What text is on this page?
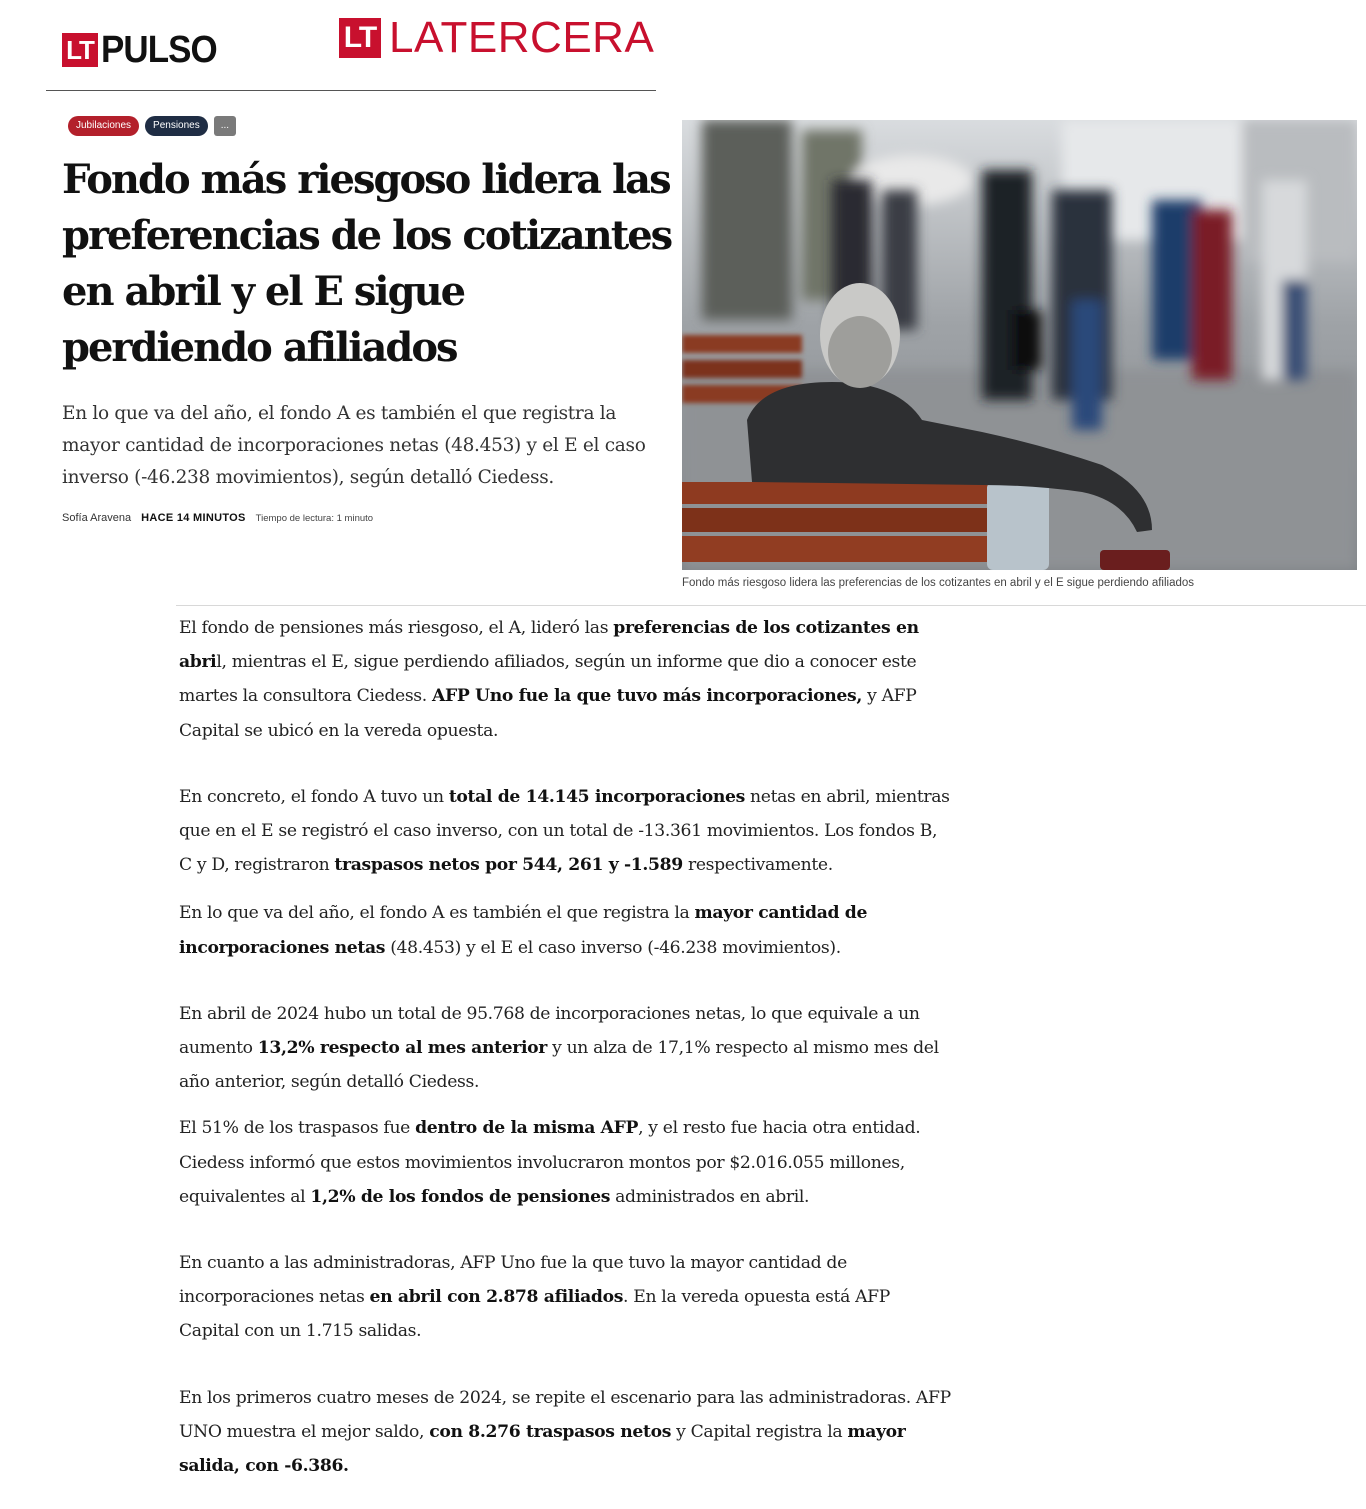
LT PULSO	LT LATERCERA
Jubilaciones	Pensiones	...
Fondo más riesgoso lidera las preferencias de los cotizantes en abril y el E sigue perdiendo afiliados

En lo que va del año, el fondo A es también el que registra la mayor cantidad de incorporaciones netas (48.453) y el E el caso inverso (-46.238 movimientos), según detalló Ciedess.

Sofía Aravena HACE 14 MINUTOS Tiempo de lectura: 1 minuto

Fondo más riesgoso lidera las preferencias de los cotizantes en abril y el E sigue perdiendo afiliados

El fondo de pensiones más riesgoso, el A, lideró las preferencias de los cotizantes en abril, mientras el E, sigue perdiendo afiliados, según un informe que dio a conocer este martes la consultora Ciedess. AFP Uno fue la que tuvo más incorporaciones, y AFP Capital se ubicó en la vereda opuesta.

En concreto, el fondo A tuvo un total de 14.145 incorporaciones netas en abril, mientras que en el E se registró el caso inverso, con un total de -13.361 movimientos. Los fondos B, C y D, registraron traspasos netos por 544, 261 y -1.589 respectivamente.

En lo que va del año, el fondo A es también el que registra la mayor cantidad de incorporaciones netas (48.453) y el E el caso inverso (-46.238 movimientos).

En abril de 2024 hubo un total de 95.768 de incorporaciones netas, lo que equivale a un aumento 13,2% respecto al mes anterior y un alza de 17,1% respecto al mismo mes del año anterior, según detalló Ciedess.

El 51% de los traspasos fue dentro de la misma AFP, y el resto fue hacia otra entidad. Ciedess informó que estos movimientos involucraron montos por $2.016.055 millones, equivalentes al 1,2% de los fondos de pensiones administrados en abril.

En cuanto a las administradoras, AFP Uno fue la que tuvo la mayor cantidad de incorporaciones netas en abril con 2.878 afiliados. En la vereda opuesta está AFP Capital con un 1.715 salidas.

En los primeros cuatro meses de 2024, se repite el escenario para las administradoras. AFP UNO muestra el mejor saldo, con 8.276 traspasos netos y Capital registra la mayor salida, con -6.386.
